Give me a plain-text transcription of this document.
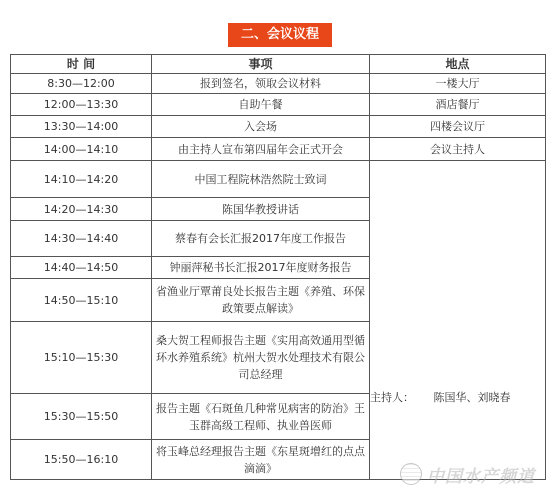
二、会议议程
时 间	事项	地点
8:30—12:00	报到签名，领取会议材料	一楼大厅
12:00—13:30	自助午餐	酒店餐厅
13:30—14:00	入会场	四楼会议厅
14:00—14:10	由主持人宣布第四届年会正式开会	会议主持人
14:10—14:20	中国工程院林浩然院士致词	主持人： 陈国华、刘晓春
14:20—14:30	陈国华教授讲话	
14:30—14:40	蔡春有会长汇报2017年度工作报告	
14:40—14:50	钟丽萍秘书长汇报2017年度财务报告	
14:50—15:10	省渔业厅覃莆良处长报告主题《养殖、环保政策要点解读》	
15:10—15:30	桑大贺工程师报告主题《实用高效通用型循环水养殖系统》杭州大贺水处理技术有限公司总经理	
15:30—15:50	报告主题《石斑鱼几种常见病害的防治》王玉群高级工程师、执业兽医师	
15:50—16:10	将玉峰总经理报告主题《东星斑增红的点点滴滴》		中国水产频道
